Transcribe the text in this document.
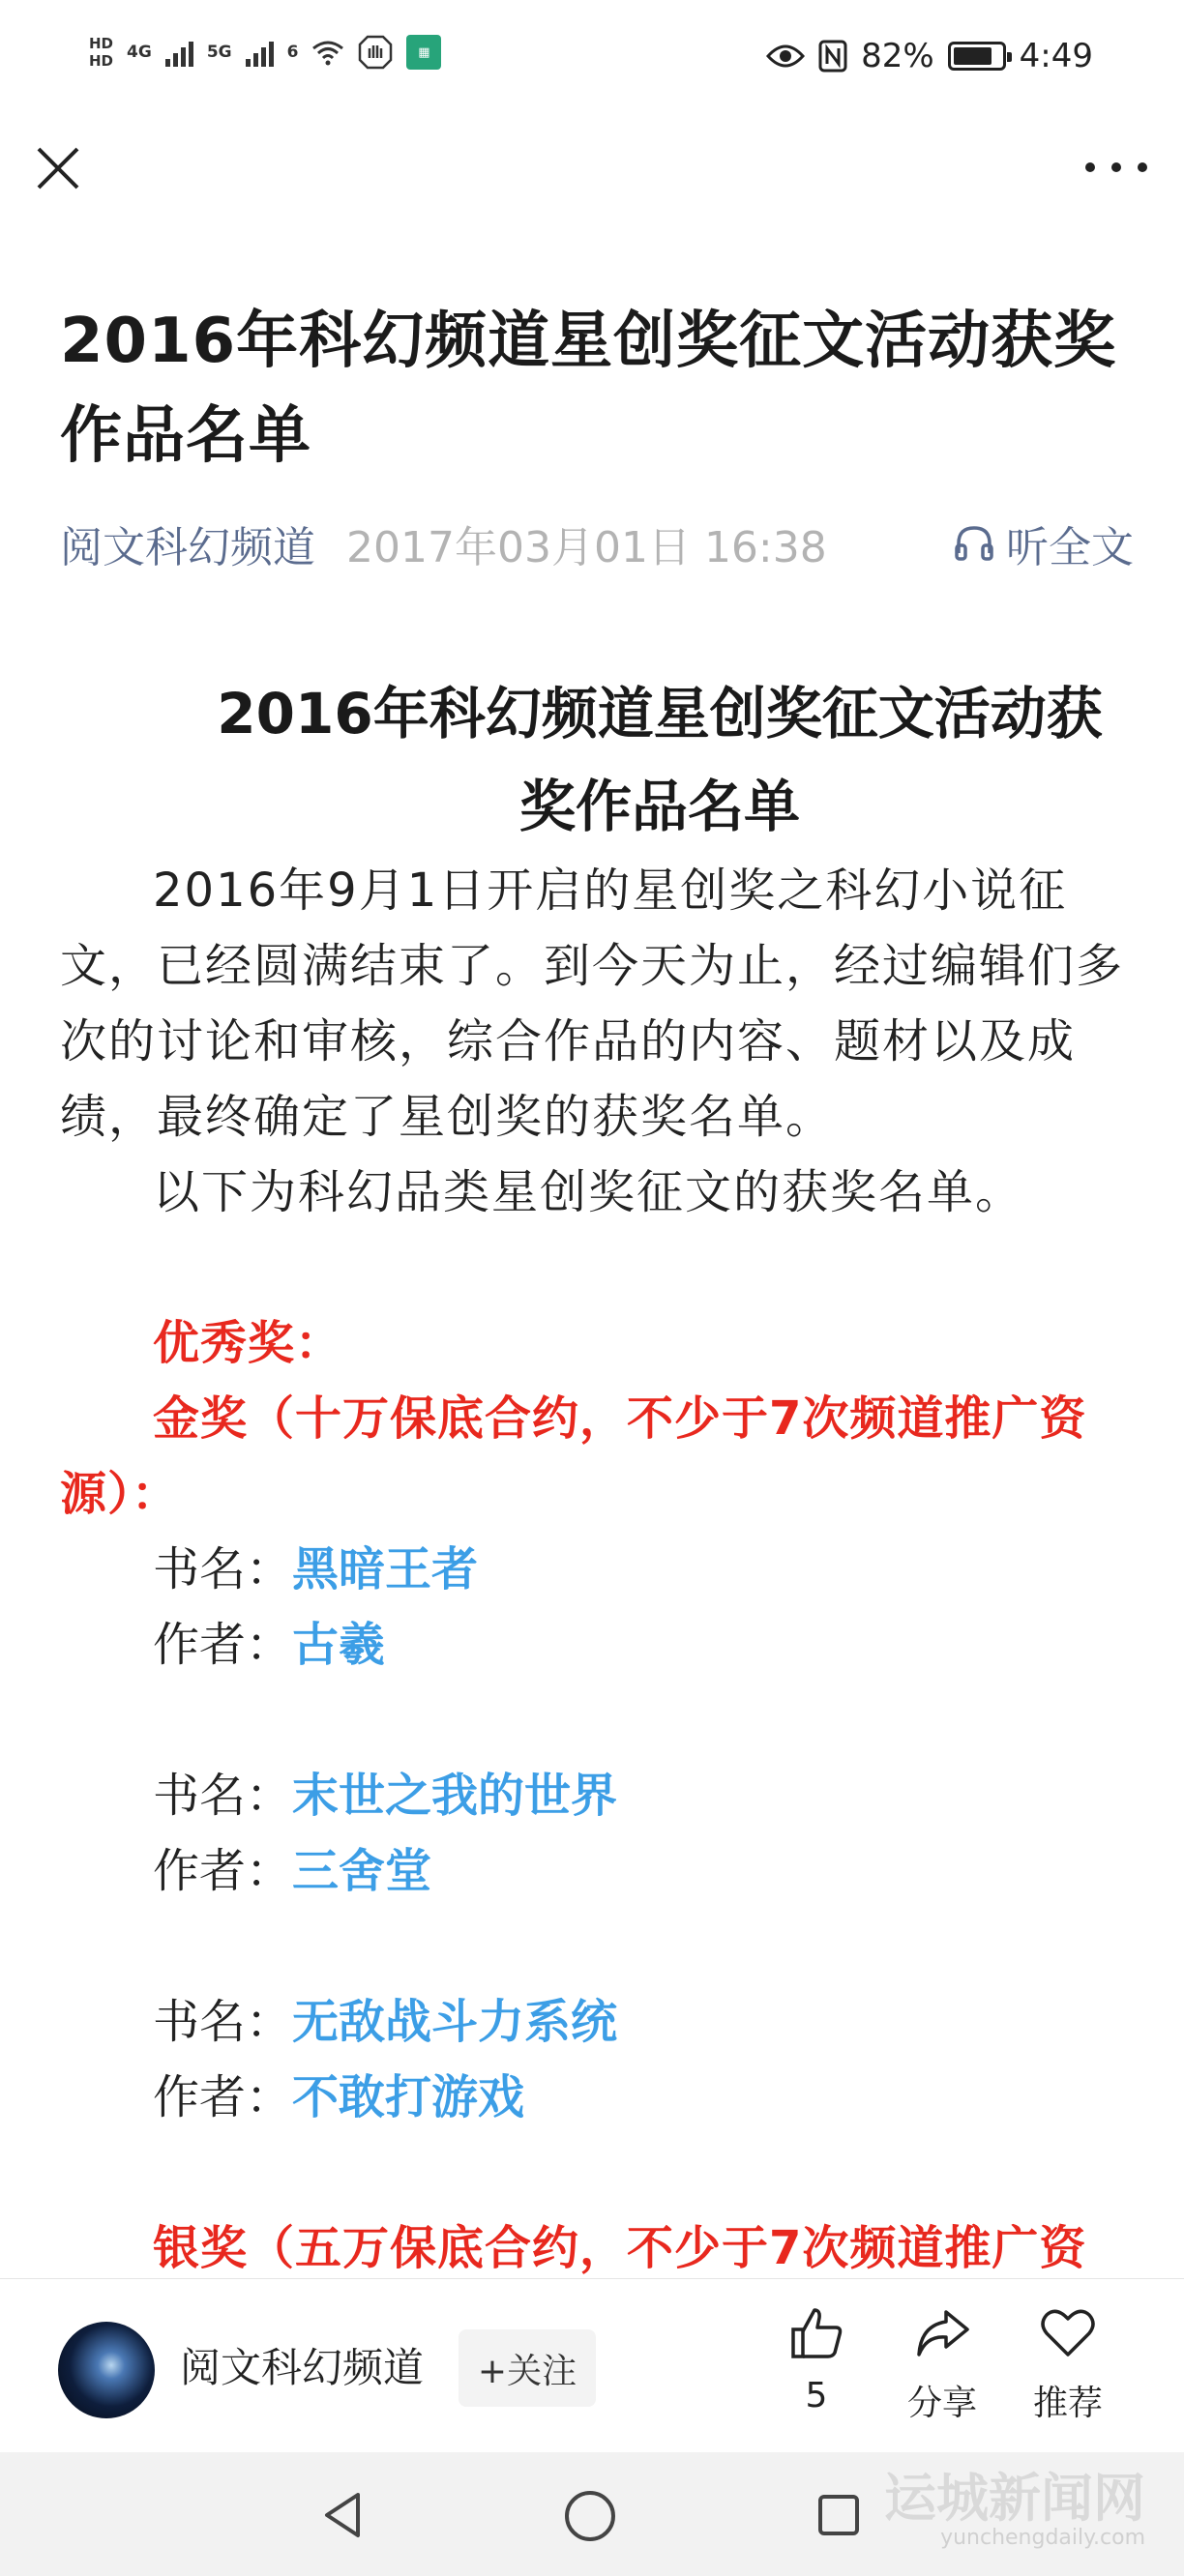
HD
HD 4G	5G	6	▦	82%	4:49
2016年科幻频道星创奖征文活动获奖作品名单
阅文科幻频道 2017年03月01日 16:38	听全文
2016年科幻频道星创奖征文活动获奖作品名单

2016年9月1日开启的星创奖之科幻小说征文，已经圆满结束了。到今天为止，经过编辑们多次的讨论和审核，综合作品的内容、题材以及成绩，最终确定了星创奖的获奖名单。

以下为科幻品类星创奖征文的获奖名单。

优秀奖：
金奖（十万保底合约，不少于7次频道推广资源）：
书名：黑暗王者
作者：古羲
书名：末世之我的世界
作者：三舍堂
书名：无敌战斗力系统
作者：不敢打游戏
银奖（五万保底合约，不少于7次频道推广资
阅文科幻频道	+关注
5	分享	推荐
运城新闻网
yunchengdaily.com
